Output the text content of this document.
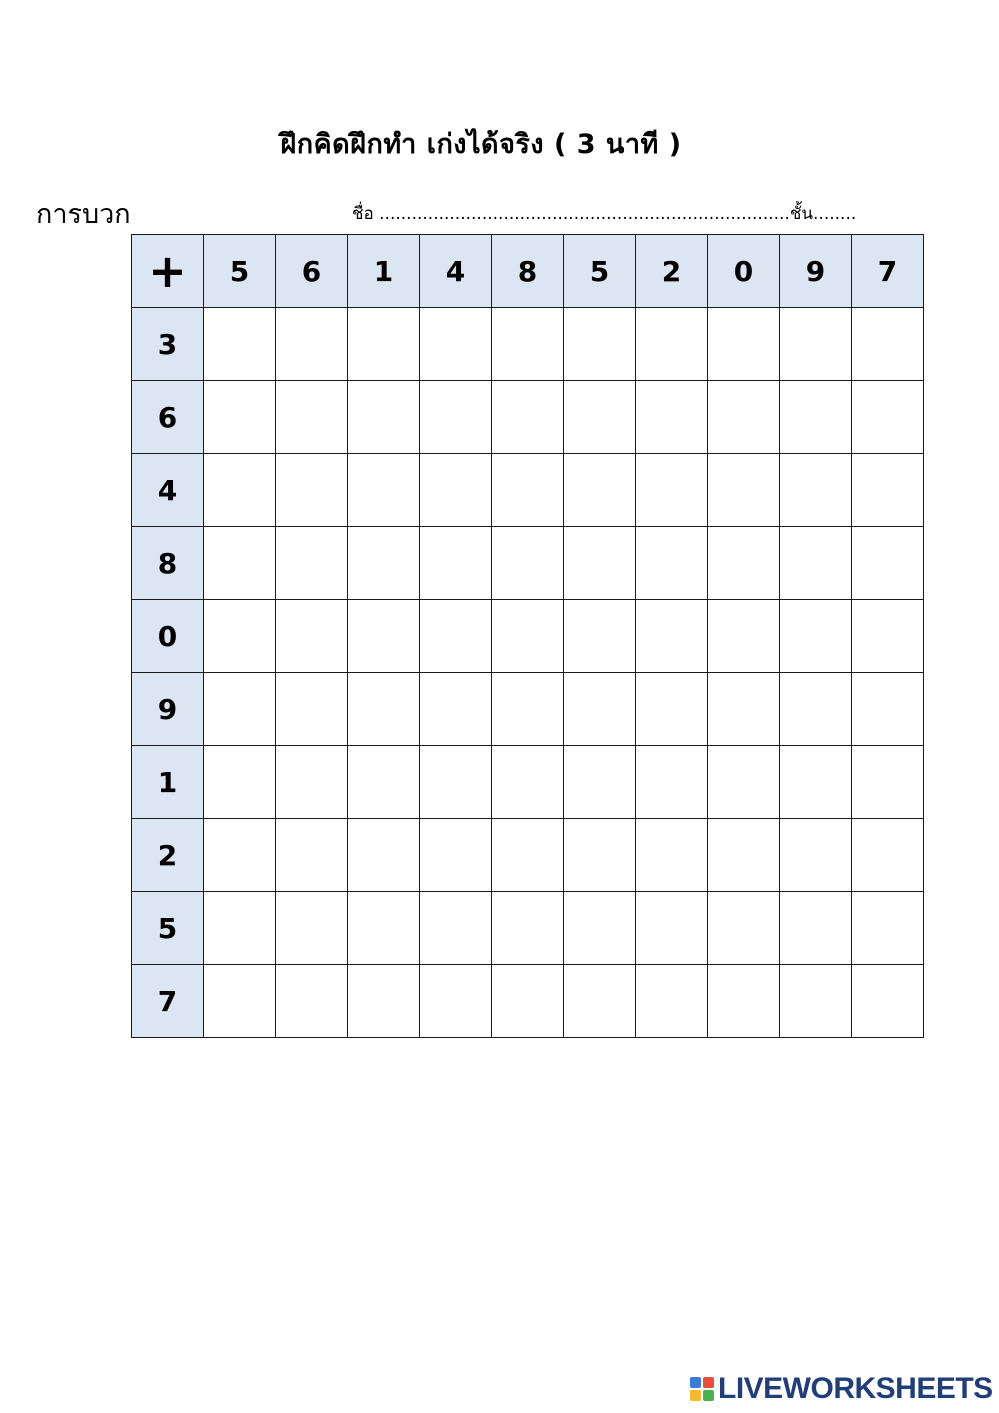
ฝึกคิดฝึกทำ เก่งได้จริง ( 3 นาที )
การบวก	ชื่อ ............................................................................ชั้น........
+	5	6	1	4	8	5	2	0	9	7
3										
6										
4										
8										
0										
9										
1										
2										
5										
7										
LIVEWORKSHEETS
